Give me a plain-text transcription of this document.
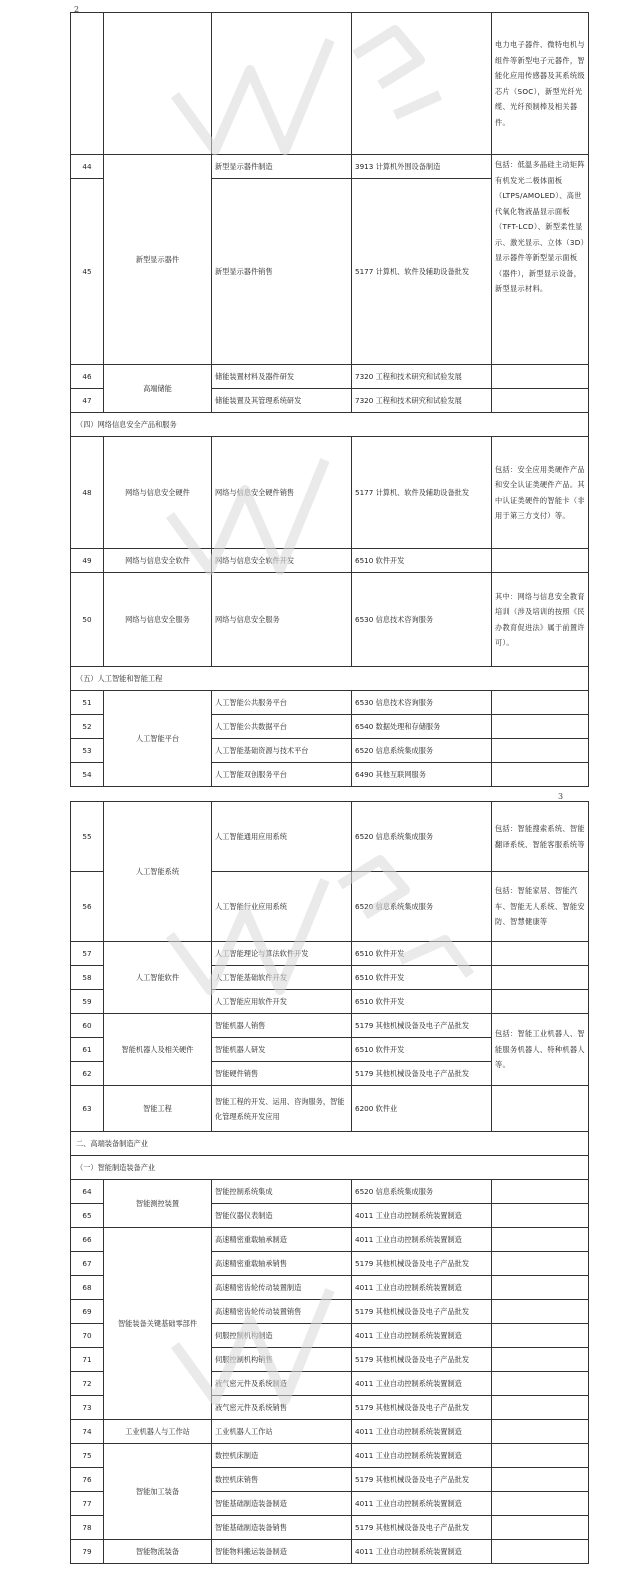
2
				电力电子器件、微特电机与组件等新型电子元器件，智能化应用传感器及其系统级芯片（SOC），新型光纤光缆、光纤预制棒及相关器件。
44	新型显示器件	新型显示器件制造	3913 计算机外围设备制造	包括：低温多晶硅主动矩阵有机发光二极体面板（LTPS/AMOLED）、高世代氧化物液晶显示面板（TFT-LCD）、新型柔性显示、激光显示、立体（3D）显示器件等新型显示面板（器件），新型显示设备，新型显示材料。
45		新型显示器件销售	5177 计算机、软件及辅助设备批发	
46	高端储能	储能装置材料及器件研发	7320 工程和技术研究和试验发展	
47		储能装置及其管理系统研发	7320 工程和技术研究和试验发展	
（四）网络信息安全产品和服务				
48	网络与信息安全硬件	网络与信息安全硬件销售	5177 计算机、软件及辅助设备批发	包括：安全应用类硬件产品和安全认证类硬件产品。其中认证类硬件的智能卡（非用于第三方支付）等。
49	网络与信息安全软件	网络与信息安全软件开发	6510 软件开发	
50	网络与信息安全服务	网络与信息安全服务	6530 信息技术咨询服务	其中：网络与信息安全教育培训（涉及培训的按照《民办教育促进法》属于前置许可）。
（五）人工智能和智能工程				
51	人工智能平台	人工智能公共服务平台	6530 信息技术咨询服务	
52		人工智能公共数据平台	6540 数据处理和存储服务	
53		人工智能基础资源与技术平台	6520 信息系统集成服务	
54		人工智能双创服务平台	6490 其他互联网服务	
3
55	人工智能系统	人工智能通用应用系统	6520 信息系统集成服务	包括：智能搜索系统、智能翻译系统、智能客服系统等
56		人工智能行业应用系统	6520 信息系统集成服务	包括：智能家居、智能汽车、智能无人系统、智能安防、智慧健康等
57	人工智能软件	人工智能理论与算法软件开发	6510 软件开发	
58		人工智能基础软件开发	6510 软件开发	
59		人工智能应用软件开发	6510 软件开发	
60	智能机器人及相关硬件	智能机器人销售	5179 其他机械设备及电子产品批发	包括：智能工业机器人、智能服务机器人、特种机器人等。
61		智能机器人研发	6510 软件开发	
62		智能硬件销售	5179 其他机械设备及电子产品批发	
63	智能工程	智能工程的开发、运用、咨询服务，智能化管理系统开发应用	6200 软件业	
二、高端装备制造产业				
（一）智能制造装备产业				
64	智能测控装置	智能控制系统集成	6520 信息系统集成服务	
65		智能仪器仪表制造	4011 工业自动控制系统装置制造	
66	智能装备关键基础零部件	高速精密重载轴承制造	4011 工业自动控制系统装置制造	
67		高速精密重载轴承销售	5179 其他机械设备及电子产品批发	
68		高速精密齿轮传动装置制造	4011 工业自动控制系统装置制造	
69		高速精密齿轮传动装置销售	5179 其他机械设备及电子产品批发	
70		伺服控制机构制造	4011 工业自动控制系统装置制造	
71		伺服控制机构销售	5179 其他机械设备及电子产品批发	
72		液气密元件及系统制造	4011 工业自动控制系统装置制造	
73		液气密元件及系统销售	5179 其他机械设备及电子产品批发	
74	工业机器人与工作站	工业机器人工作站	4011 工业自动控制系统装置制造	
75	智能加工装备	数控机床制造	4011 工业自动控制系统装置制造	
76		数控机床销售	5179 其他机械设备及电子产品批发	
77		智能基础制造装备制造	4011 工业自动控制系统装置制造	
78		智能基础制造装备销售	5179 其他机械设备及电子产品批发	
79	智能物流装备	智能物料搬运装备制造	4011 工业自动控制系统装置制造	
